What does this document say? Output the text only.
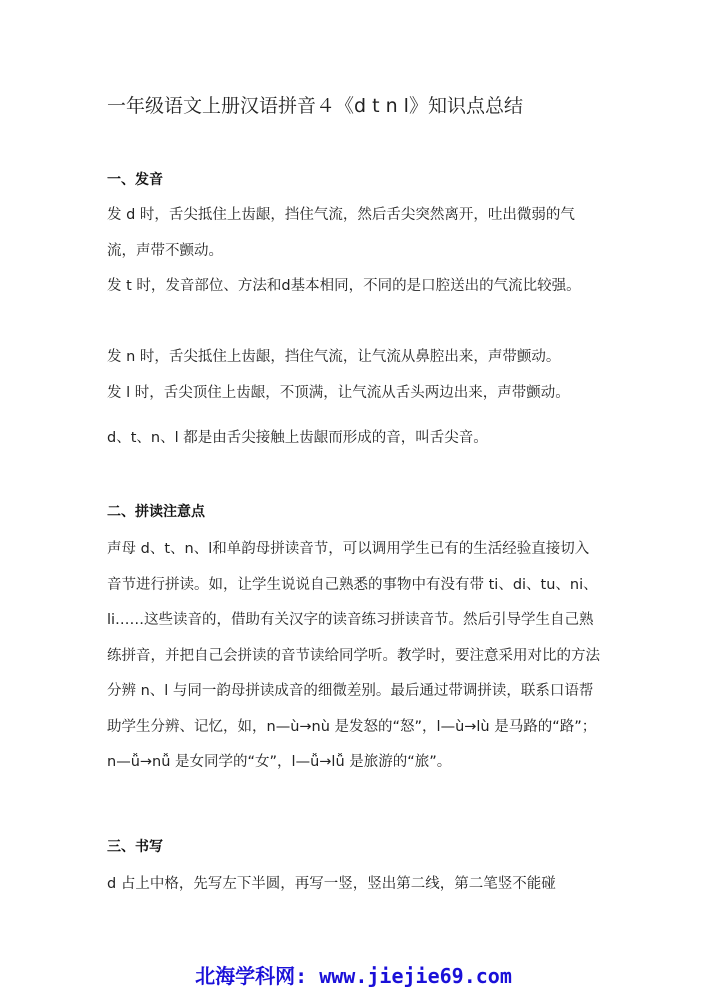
一年级语文上册汉语拼音４《d t n l》知识点总结
一、发音

发 d 时，舌尖抵住上齿龈，挡住气流，然后舌尖突然离开，吐出微弱的气流，声带不颤动。

发 t 时，发音部位、方法和d基本相同，不同的是口腔送出的气流比较强。

发 n 时，舌尖抵住上齿龈，挡住气流，让气流从鼻腔出来，声带颤动。

发 l 时，舌尖顶住上齿龈，不顶满，让气流从舌头两边出来，声带颤动。

d、t、n、l 都是由舌尖接触上齿龈而形成的音，叫舌尖音。

二、拼读注意点

声母 d、t、n、l和单韵母拼读音节，可以调用学生已有的生活经验直接切入音节进行拼读。如，让学生说说自己熟悉的事物中有没有带 ti、di、tu、ni、li……这些读音的，借助有关汉字的读音练习拼读音节。然后引导学生自己熟练拼音，并把自己会拼读的音节读给同学听。教学时，要注意采用对比的方法分辨 n、l 与同一韵母拼读成音的细微差别。最后通过带调拼读，联系口语帮助学生分辨、记忆，如，n—ù→nù 是发怒的“怒”，l—ù→lù 是马路的“路”；n—ǚ→nǚ 是女同学的“女”，l—ǚ→lǚ 是旅游的“旅”。

三、书写

d 占上中格，先写左下半圆，再写一竖，竖出第二线，第二笔竖不能碰

北海学科网: www.jiejie69.com
